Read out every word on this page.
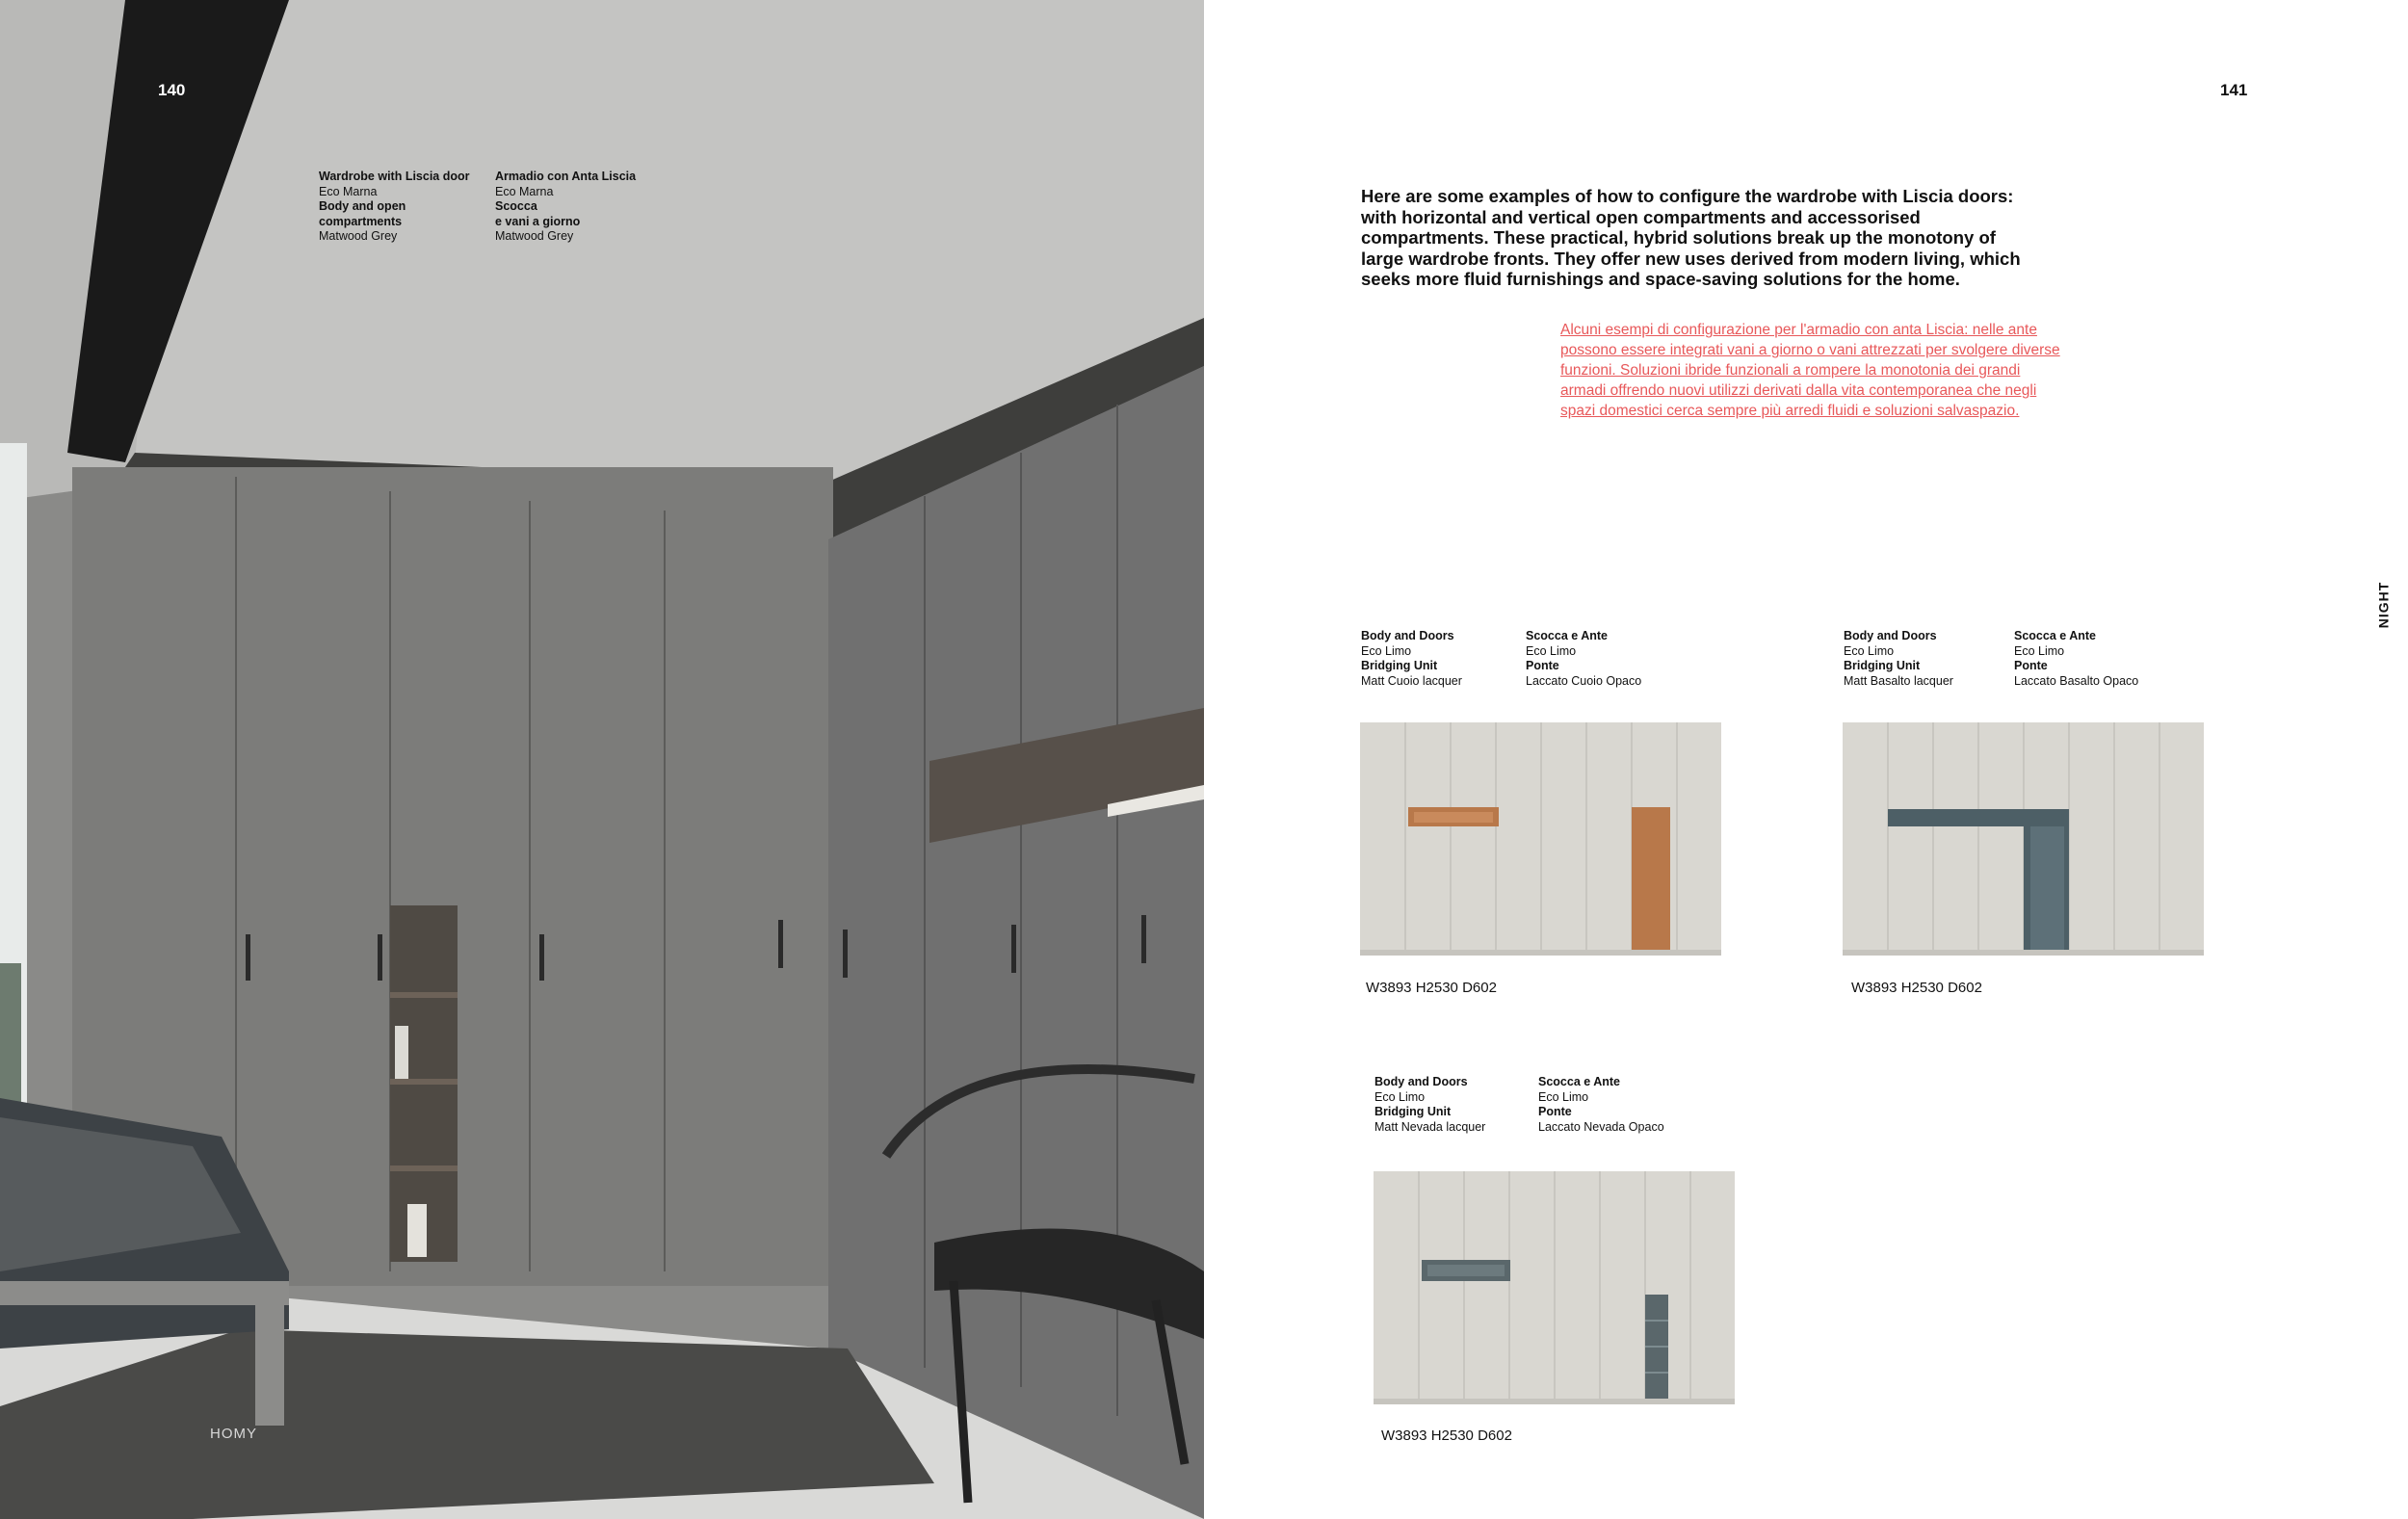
140
Wardrobe with Liscia door
Eco Marna
Body and open
compartments
Matwood Grey
Armadio con Anta Liscia
Eco Marna
Scocca
e vani a giorno
Matwood Grey
HOMY
141
Here are some examples of how to configure the wardrobe with Liscia doors: with horizontal and vertical open compartments and accessorised compartments. These practical, hybrid solutions break up the monotony of large wardrobe fronts. They offer new uses derived from modern living, which seeks more fluid furnishings and space-saving solutions for the home.
Alcuni esempi di configurazione per l'armadio con anta Liscia: nelle ante possono essere integrati vani a giorno o vani attrezzati per svolgere diverse funzioni. Soluzioni ibride funzionali a rompere la monotonia dei grandi armadi offrendo nuovi utilizzi derivati dalla vita contemporanea che negli spazi domestici cerca sempre più arredi fluidi e soluzioni salvaspazio.
NIGHT
Body and Doors
Eco Limo
Bridging Unit
Matt Cuoio lacquer
Scocca e Ante
Eco Limo
Ponte
Laccato Cuoio Opaco
W3893 H2530 D602
Body and Doors
Eco Limo
Bridging Unit
Matt Basalto lacquer
Scocca e Ante
Eco Limo
Ponte
Laccato Basalto Opaco
W3893 H2530 D602
Body and Doors
Eco Limo
Bridging Unit
Matt Nevada lacquer
Scocca e Ante
Eco Limo
Ponte
Laccato Nevada Opaco
W3893 H2530 D602
